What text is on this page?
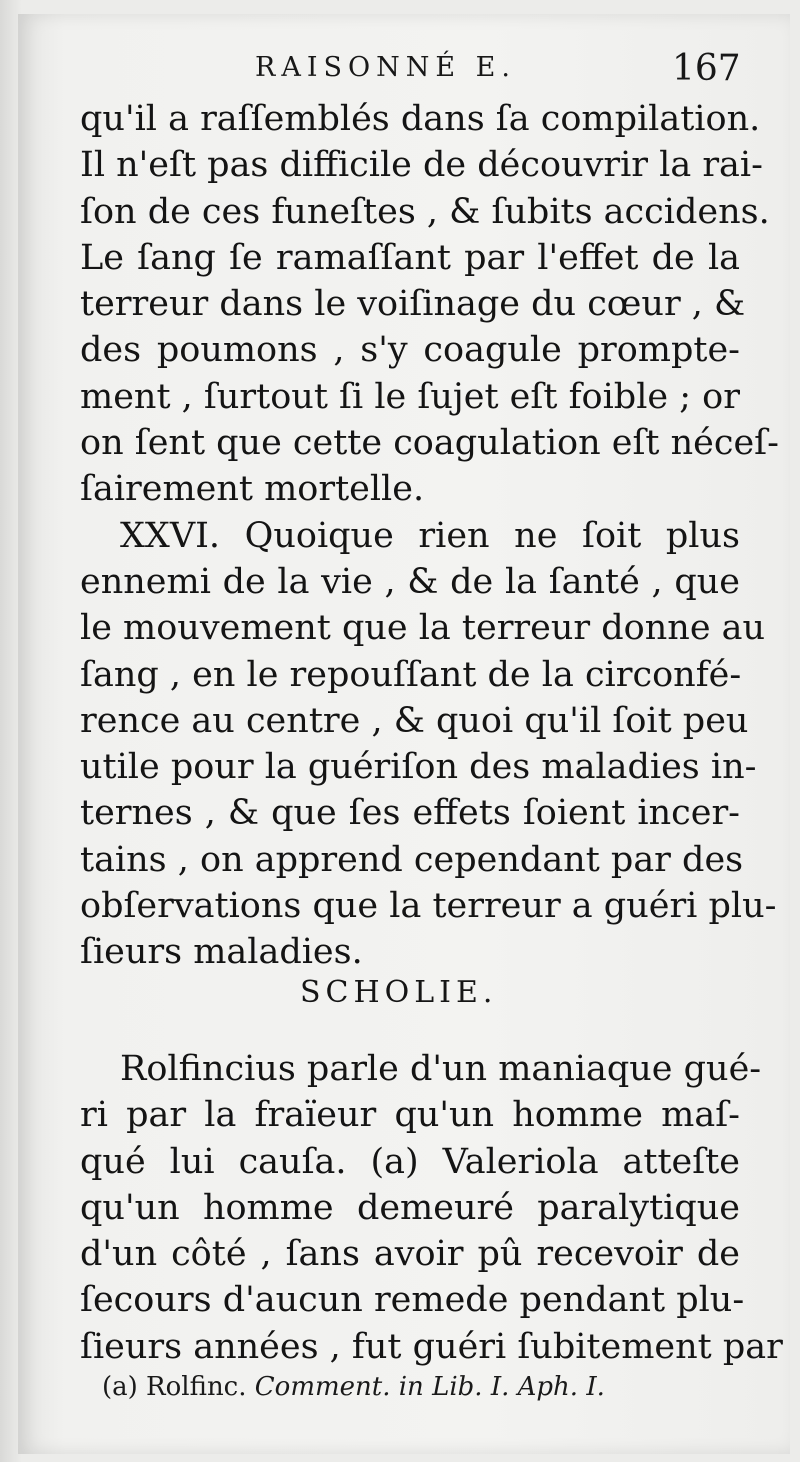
RAISONNÉ E.	167
qu'il a raſſemblés dans ſa compilation.
Il n'eſt pas difficile de découvrir la rai-
ſon de ces funeſtes , & ſubits accidens.
Le ſang ſe ramaſſant par l'effet de la
terreur dans le voiſinage du cœur , &
des poumons , s'y coagule prompte-
ment , ſurtout ſi le ſujet eſt foible ; or
on ſent que cette coagulation eſt néceſ-
ſairement mortelle.
XXVI. Quoique rien ne ſoit plus
ennemi de la vie , & de la ſanté , que
le mouvement que la terreur donne au
ſang , en le repouſſant de la circonfé-
rence au centre , & quoi qu'il ſoit peu
utile pour la guériſon des maladies in-
ternes , & que ſes effets ſoient incer-
tains , on apprend cependant par des
obſervations que la terreur a guéri plu-
ſieurs maladies.
SCHOLIE.
Rolfincius parle d'un maniaque gué-
ri par la fraïeur qu'un homme maſ-
qué lui cauſa. (a) Valeriola atteſte
qu'un homme demeuré paralytique
d'un côté , ſans avoir pû recevoir de
ſecours d'aucun remede pendant plu-
ſieurs années , fut guéri ſubitement par
(a) Rolfinc. Comment. in Lib. I. Aph. I.
